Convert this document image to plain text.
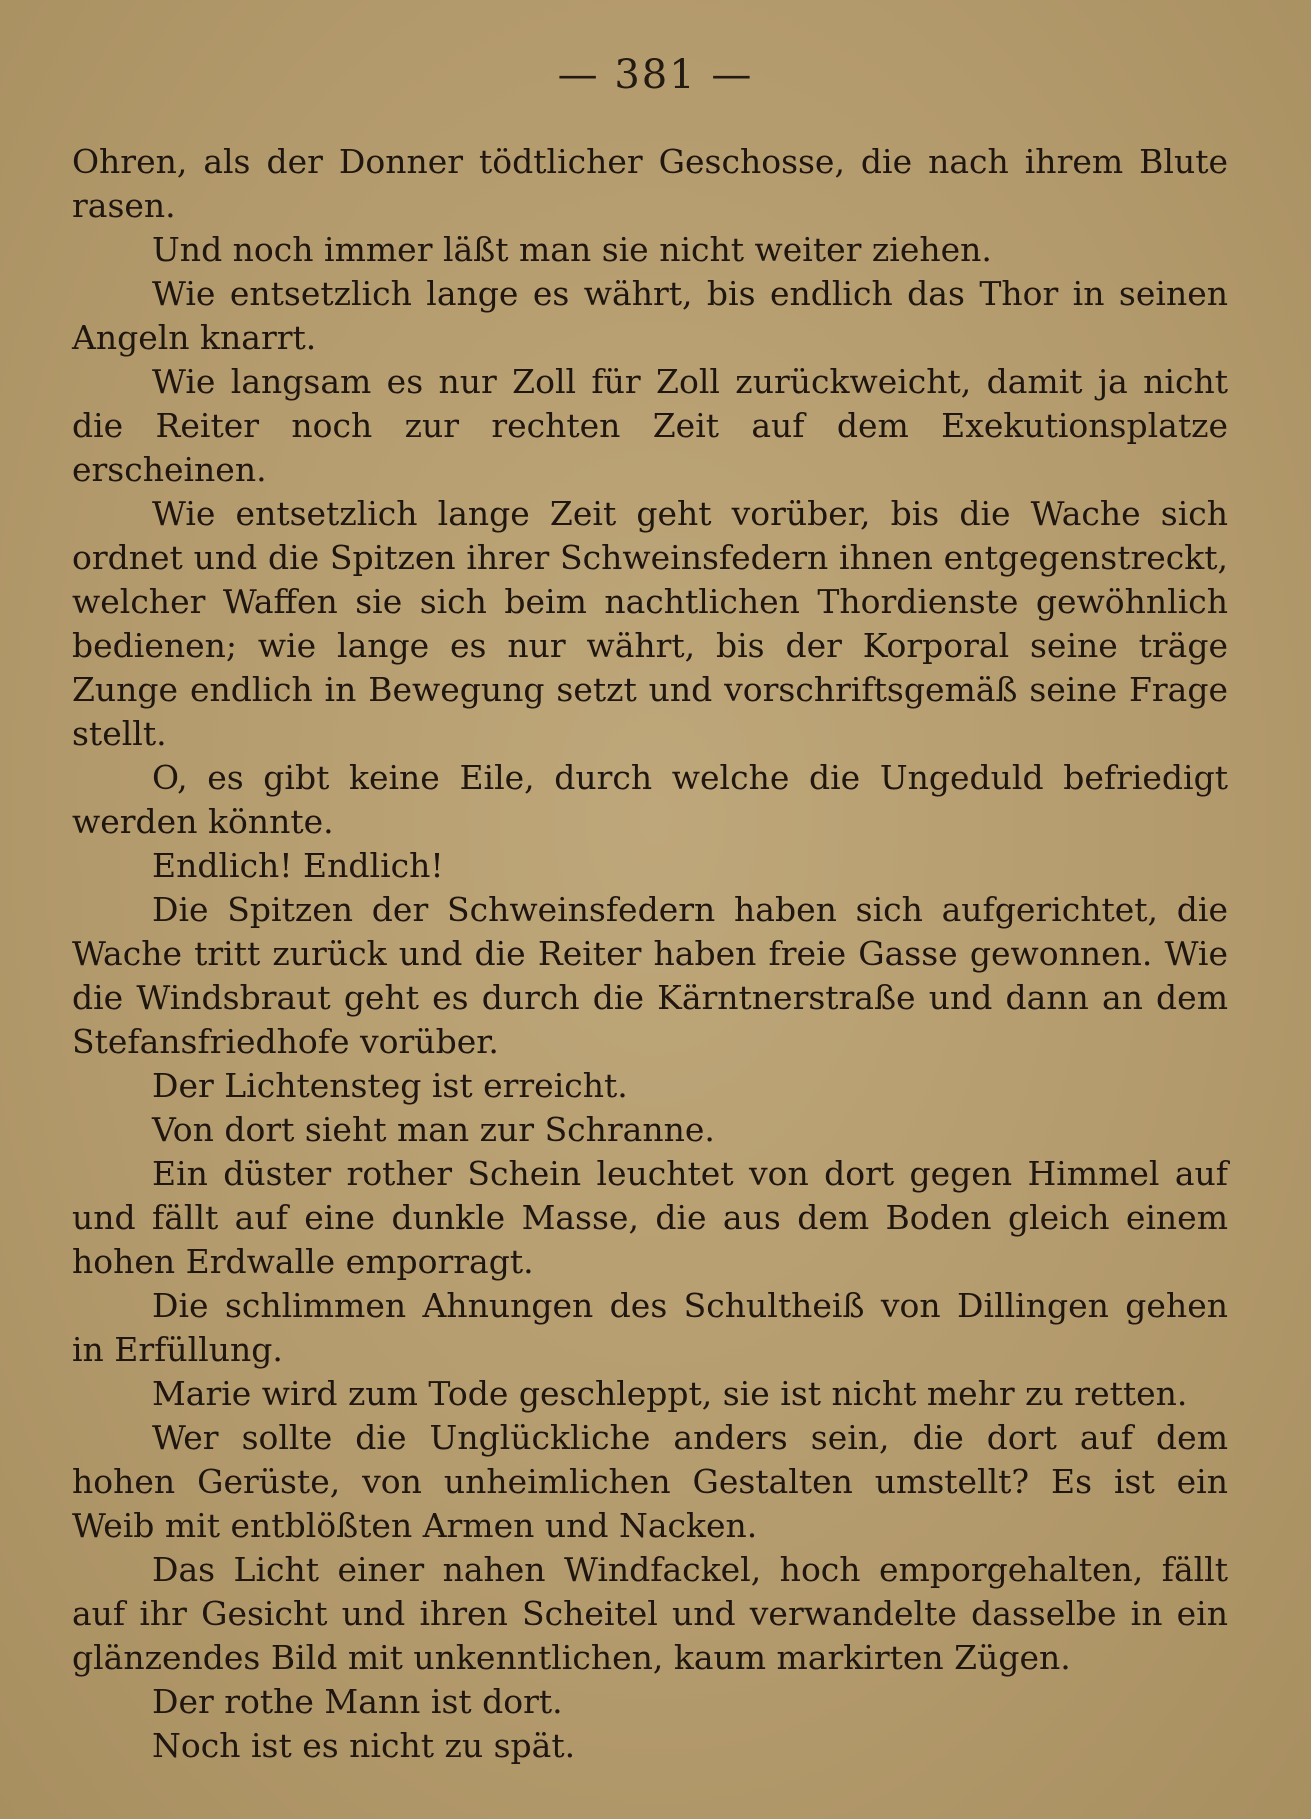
— 381 —

Ohren, als der Donner tödtlicher Geschosse, die nach ihrem Blute rasen.

Und noch immer läßt man sie nicht weiter ziehen.

Wie entsetzlich lange es währt, bis endlich das Thor in seinen Angeln knarrt.

Wie langsam es nur Zoll für Zoll zurückweicht, damit ja nicht die Reiter noch zur rechten Zeit auf dem Exekutionsplatze erscheinen.

Wie entsetzlich lange Zeit geht vorüber, bis die Wache sich ordnet und die Spitzen ihrer Schweinsfedern ihnen entgegenstreckt, welcher Waffen sie sich beim nachtlichen Thordienste gewöhnlich bedienen; wie lange es nur währt, bis der Korporal seine träge Zunge endlich in Bewegung setzt und vorschriftsgemäß seine Frage stellt.

O, es gibt keine Eile, durch welche die Ungeduld befriedigt werden könnte.

Endlich! Endlich!

Die Spitzen der Schweinsfedern haben sich aufgerichtet, die Wache tritt zurück und die Reiter haben freie Gasse gewonnen. Wie die Windsbraut geht es durch die Kärntnerstraße und dann an dem Stefansfriedhofe vorüber.

Der Lichtensteg ist erreicht.

Von dort sieht man zur Schranne.

Ein düster rother Schein leuchtet von dort gegen Himmel auf und fällt auf eine dunkle Masse, die aus dem Boden gleich einem hohen Erdwalle emporragt.

Die schlimmen Ahnungen des Schultheiß von Dillingen gehen in Erfüllung.

Marie wird zum Tode geschleppt, sie ist nicht mehr zu retten.

Wer sollte die Unglückliche anders sein, die dort auf dem hohen Gerüste, von unheimlichen Gestalten umstellt? Es ist ein Weib mit entblößten Armen und Nacken.

Das Licht einer nahen Windfackel, hoch emporgehalten, fällt auf ihr Gesicht und ihren Scheitel und verwandelte dasselbe in ein glänzendes Bild mit unkenntlichen, kaum markirten Zügen.

Der rothe Mann ist dort.

Noch ist es nicht zu spät.
